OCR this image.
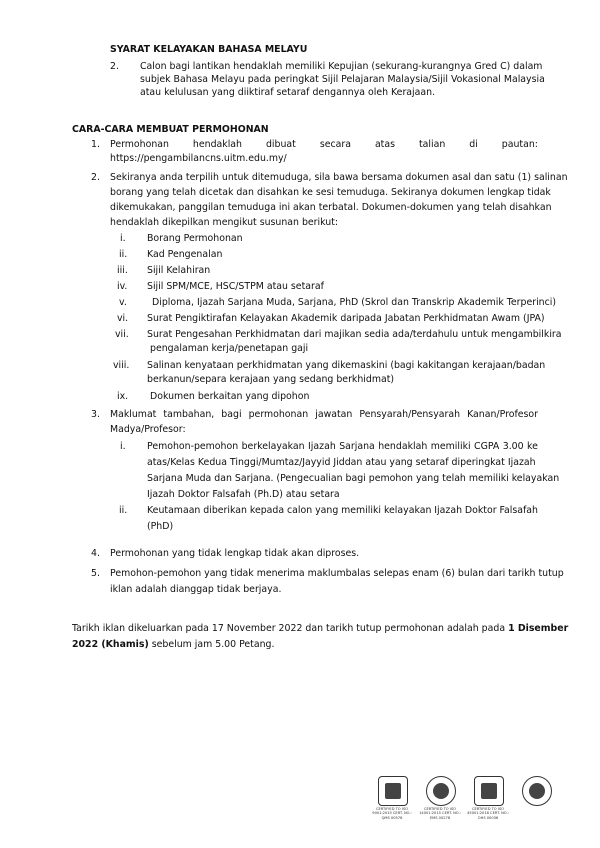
SYARAT KELAYAKAN BAHASA MELAYU
2. Calon bagi lantikan hendaklah memiliki Kepujian (sekurang-kurangnya Gred C) dalam
subjek Bahasa Melayu pada peringkat Sijil Pelajaran Malaysia/Sijil Vokasional Malaysia
atau kelulusan yang diiktiraf setaraf dengannya oleh Kerajaan.
CARA-CARA MEMBUAT PERMOHONAN
1. Permohonan	hendaklah	dibuat	secara	atas	talian	di	pautan:
https://pengambilancns.uitm.edu.my/
2. Sekiranya anda terpilih untuk ditemuduga, sila bawa bersama dokumen asal dan satu (1) salinan
borang yang telah dicetak dan disahkan ke sesi temuduga. Sekiranya dokumen lengkap tidak
dikemukakan, panggilan temuduga ini akan terbatal. Dokumen-dokumen yang telah disahkan
hendaklah dikepilkan mengikut susunan berikut:
i. Borang Permohonan
ii. Kad Pengenalan
iii. Sijil Kelahiran
iv. Sijil SPM/MCE, HSC/STPM atau setaraf
v.	Diploma, Ijazah Sarjana Muda, Sarjana, PhD (Skrol dan Transkrip Akademik Terperinci)
vi. Surat Pengiktirafan Kelayakan Akademik daripada Jabatan Perkhidmatan Awam (JPA)
vii. Surat Pengesahan Perkhidmatan dari majikan sedia ada/terdahulu untuk mengambilkira
pengalaman kerja/penetapan gaji
viii. Salinan kenyataan perkhidmatan yang dikemaskini (bagi kakitangan kerajaan/badan
berkanun/separa kerajaan yang sedang berkhidmat)
ix. Dokumen berkaitan yang dipohon
3. Maklumat tambahan, bagi permohonan jawatan Pensyarah/Pensyarah Kanan/Profesor
Madya/Profesor:
i. Pemohon-pemohon berkelayakan Ijazah Sarjana hendaklah memiliki CGPA 3.00 ke
atas/Kelas Kedua Tinggi/Mumtaz/Jayyid Jiddan atau yang setaraf diperingkat Ijazah
Sarjana Muda dan Sarjana. (Pengecualian bagi pemohon yang telah memiliki kelayakan
Ijazah Doktor Falsafah (Ph.D) atau setara
ii. Keutamaan diberikan kepada calon yang memiliki kelayakan Ijazah Doktor Falsafah
(PhD)
4. Permohonan yang tidak lengkap tidak akan diproses.
5. Pemohon-pemohon yang tidak menerima maklumbalas selepas enam (6) bulan dari tarikh tutup
iklan adalah dianggap tidak berjaya.
Tarikh iklan dikeluarkan pada 17 November 2022 dan tarikh tutup permohonan adalah pada 1 Disember
2022 (Khamis) sebelum jam 5.00 Petang.
CERTIFIED TO ISO 9001:2015 CERT. NO.: QMS 00578
CERTIFIED TO ISO 14001:2015 CERT. NO.: EMS 00278
CERTIFIED TO ISO 45001:2018 CERT. NO.: OHS 00036
